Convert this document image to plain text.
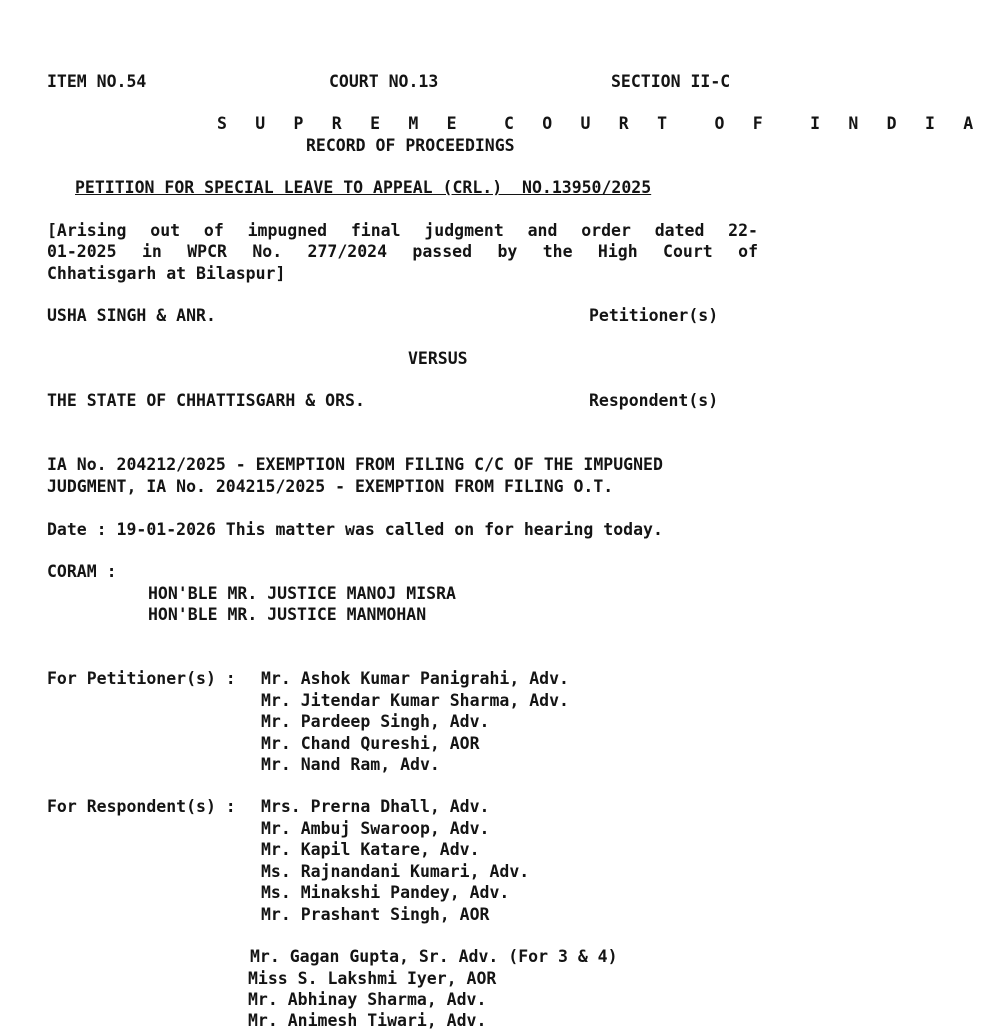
ITEM NO.54	COURT NO.13	SECTION II-C
S U P R E M E  C O U R T  O F  I N D I A
RECORD OF PROCEEDINGS
PETITION FOR SPECIAL LEAVE TO APPEAL (CRL.)  NO.13950/2025
[Arising out of impugned final judgment and order dated 22-
01-2025 in WPCR No. 277/2024 passed by the High Court of
Chhatisgarh at Bilaspur]
USHA SINGH & ANR.	Petitioner(s)
VERSUS
THE STATE OF CHHATTISGARH & ORS.	Respondent(s)
IA No. 204212/2025 - EXEMPTION FROM FILING C/C OF THE IMPUGNED
JUDGMENT, IA No. 204215/2025 - EXEMPTION FROM FILING O.T.
Date : 19-01-2026 This matter was called on for hearing today.
CORAM :
HON'BLE MR. JUSTICE MANOJ MISRA
HON'BLE MR. JUSTICE MANMOHAN
For Petitioner(s) : Mr. Ashok Kumar Panigrahi, Adv.
Mr. Jitendar Kumar Sharma, Adv.
Mr. Pardeep Singh, Adv.
Mr. Chand Qureshi, AOR
Mr. Nand Ram, Adv.
For Respondent(s) : Mrs. Prerna Dhall, Adv.
Mr. Ambuj Swaroop, Adv.
Mr. Kapil Katare, Adv.
Ms. Rajnandani Kumari, Adv.
Ms. Minakshi Pandey, Adv.
Mr. Prashant Singh, AOR
Mr. Gagan Gupta, Sr. Adv. (For 3 & 4)
Miss S. Lakshmi Iyer, AOR
Mr. Abhinay Sharma, Adv.
Mr. Animesh Tiwari, Adv.
